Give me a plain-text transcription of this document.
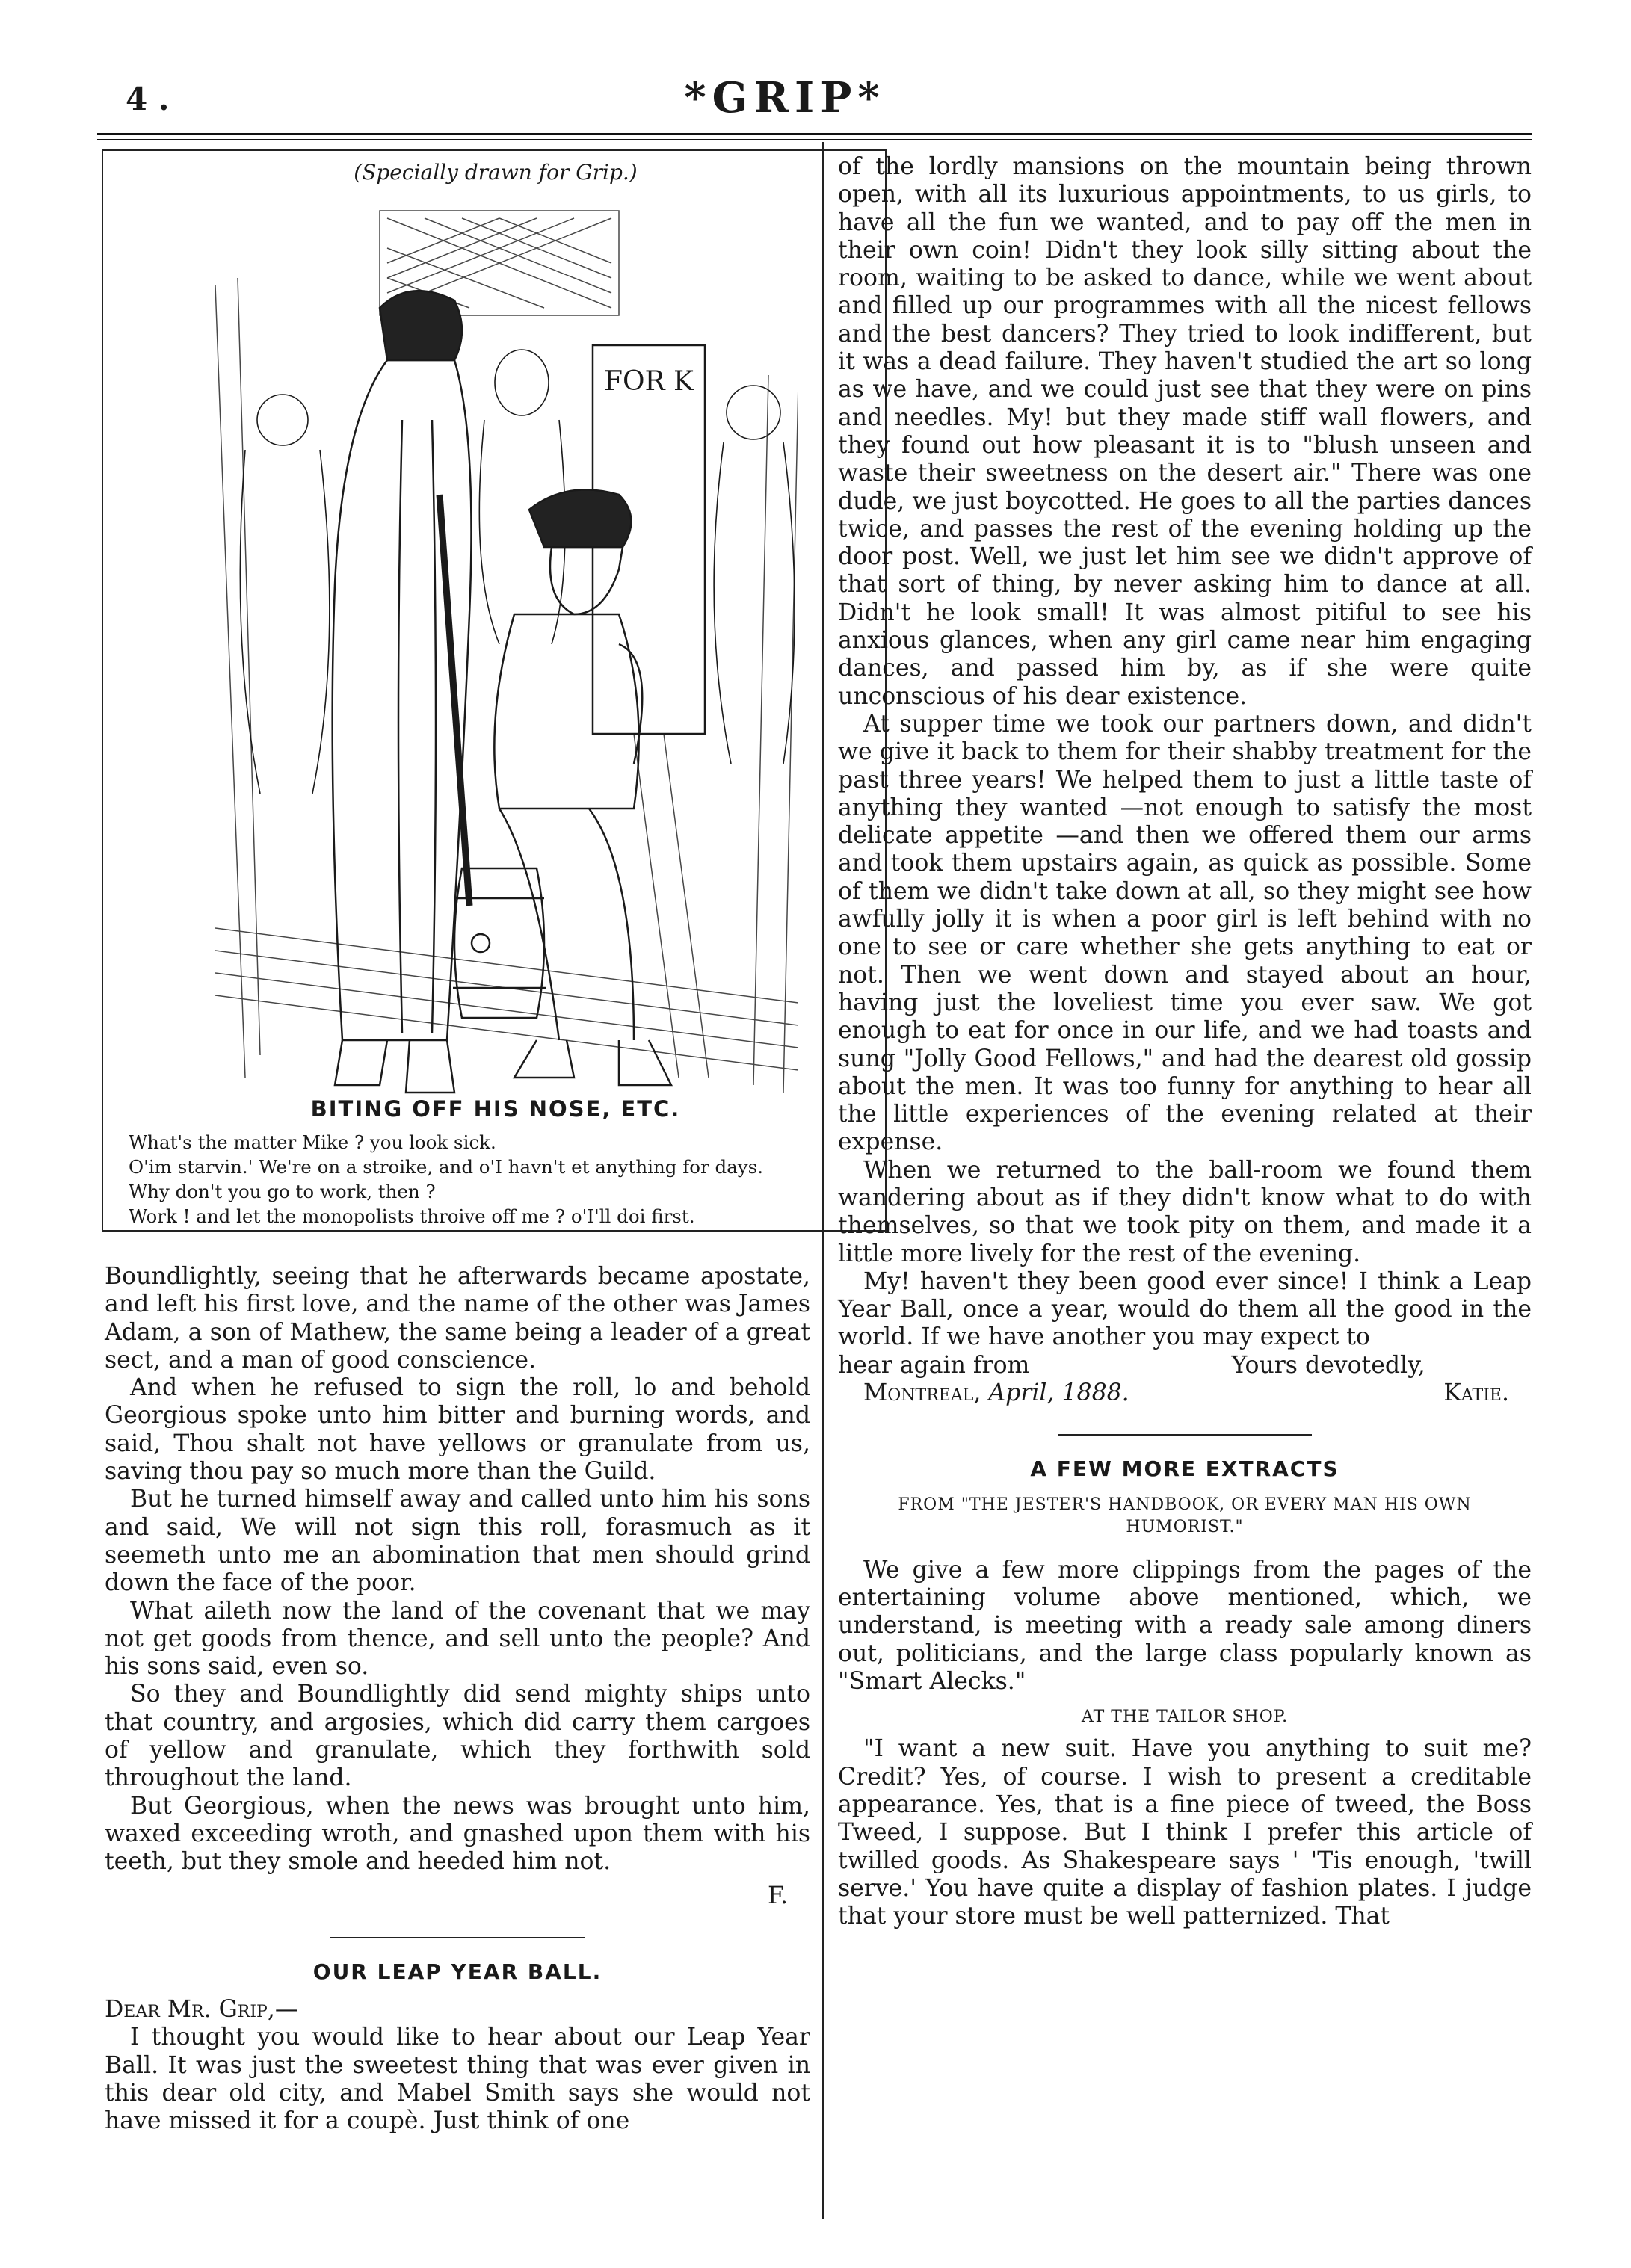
4 .	*GRIP*
(Specially drawn for Grip.)
FOR K
BITING OFF HIS NOSE, ETC.
What's the matter Mike ? you look sick.
O'im starvin.' We're on a stroike, and o'I havn't et anything for days.
Why don't you go to work, then ?
Work ! and let the monopolists throive off me ? o'I'll doi first.

Boundlightly, seeing that he afterwards became apostate, and left his first love, and the name of the other was James Adam, a son of Mathew, the same being a leader of a great sect, and a man of good conscience.

And when he refused to sign the roll, lo and behold Georgious spoke unto him bitter and burning words, and said, Thou shalt not have yellows or granulate from us, saving thou pay so much more than the Guild.

But he turned himself away and called unto him his sons and said, We will not sign this roll, forasmuch as it seemeth unto me an abomination that men should grind down the face of the poor.

What aileth now the land of the covenant that we may not get goods from thence, and sell unto the people? And his sons said, even so.

So they and Boundlightly did send mighty ships unto that country, and argosies, which did carry them cargoes of yellow and granulate, which they forthwith sold throughout the land.

But Georgious, when the news was brought unto him, waxed exceeding wroth, and gnashed upon them with his teeth, but they smole and heeded him not.

F.
OUR LEAP YEAR BALL.

Dear Mr. Grip,—

I thought you would like to hear about our Leap Year Ball. It was just the sweetest thing that was ever given in this dear old city, and Mabel Smith says she would not have missed it for a coupè. Just think of one

of the lordly mansions on the mountain being thrown open, with all its luxurious appointments, to us girls, to have all the fun we wanted, and to pay off the men in their own coin! Didn't they look silly sitting about the room, waiting to be asked to dance, while we went about and filled up our programmes with all the nicest fellows and the best dancers? They tried to look indifferent, but it was a dead failure. They haven't studied the art so long as we have, and we could just see that they were on pins and needles. My! but they made stiff wall flowers, and they found out how pleasant it is to "blush unseen and waste their sweetness on the desert air." There was one dude, we just boycotted. He goes to all the parties dances twice, and passes the rest of the evening holding up the door post. Well, we just let him see we didn't approve of that sort of thing, by never asking him to dance at all. Didn't he look small! It was almost pitiful to see his anxious glances, when any girl came near him engaging dances, and passed him by, as if she were quite unconscious of his dear existence.

At supper time we took our partners down, and didn't we give it back to them for their shabby treatment for the past three years! We helped them to just a little taste of anything they wanted —not enough to satisfy the most delicate appetite —and then we offered them our arms and took them upstairs again, as quick as possible. Some of them we didn't take down at all, so they might see how awfully jolly it is when a poor girl is left behind with no one to see or care whether she gets anything to eat or not. Then we went down and stayed about an hour, having just the loveliest time you ever saw. We got enough to eat for once in our life, and we had toasts and sung "Jolly Good Fellows," and had the dearest old gossip about the men. It was too funny for anything to hear all the little experiences of the evening related at their expense.

When we returned to the ball-room we found them wandering about as if they didn't know what to do with themselves, so that we took pity on them, and made it a little more lively for the rest of the evening.

My! haven't they been good ever since! I think a Leap Year Ball, once a year, would do them all the good in the world. If we have another you may expect to

hear again from	Yours devotedly,
Montreal, April, 1888.	Katie.
A FEW MORE EXTRACTS
FROM "THE JESTER'S HANDBOOK, OR EVERY MAN HIS OWN HUMORIST."

We give a few more clippings from the pages of the entertaining volume above mentioned, which, we understand, is meeting with a ready sale among diners out, politicians, and the large class popularly known as "Smart Alecks."

AT THE TAILOR SHOP.

"I want a new suit. Have you anything to suit me? Credit? Yes, of course. I wish to present a creditable appearance. Yes, that is a fine piece of tweed, the Boss Tweed, I suppose. But I think I prefer this article of twilled goods. As Shakespeare says ' 'Tis enough, 'twill serve.' You have quite a display of fashion plates. I judge that your store must be well patternized. That
